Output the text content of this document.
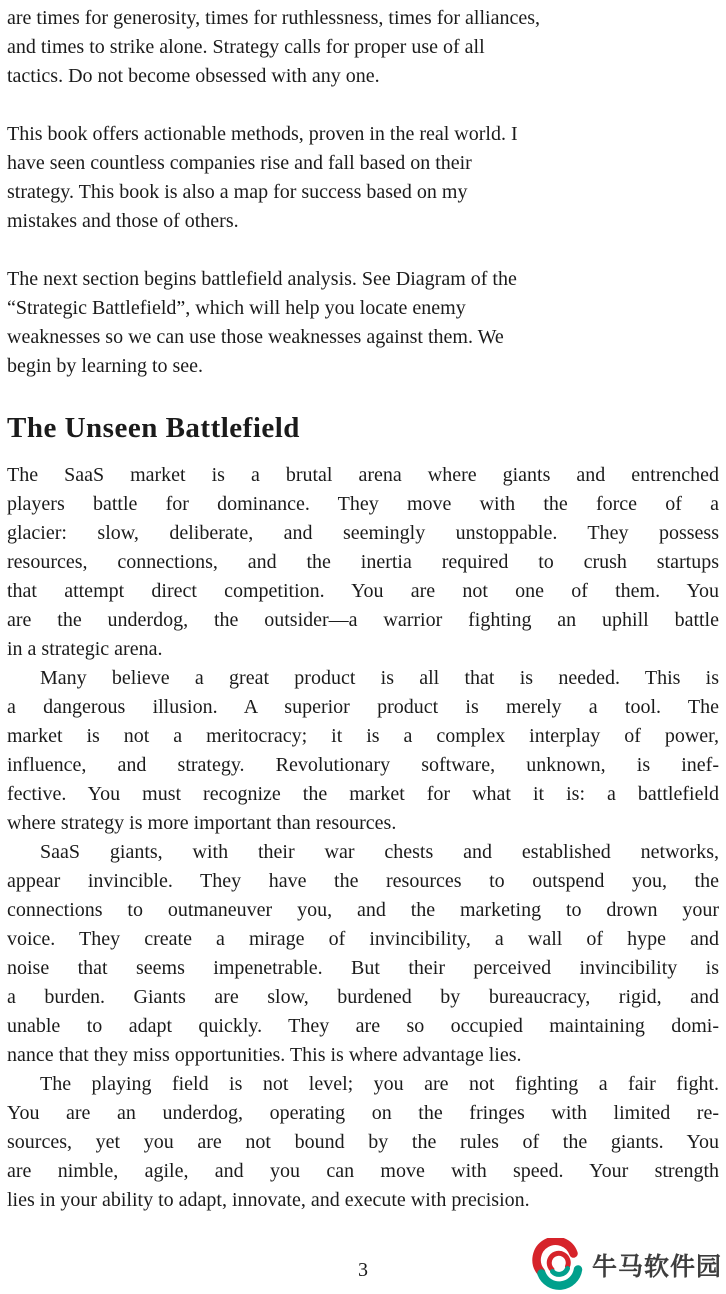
are times for generosity, times for ruthlessness, times for alliances,
and times to strike alone. Strategy calls for proper use of all
tactics. Do not become obsessed with any one.
This book offers actionable methods, proven in the real world. I
have seen countless companies rise and fall based on their
strategy. This book is also a map for success based on my
mistakes and those of others.
The next section begins battlefield analysis. See Diagram of the
“Strategic Battlefield”, which will help you locate enemy
weaknesses so we can use those weaknesses against them. We
begin by learning to see.
The Unseen Battlefield
The SaaS market is a brutal arena where giants and entrenched
players battle for dominance. They move with the force of a
glacier: slow, deliberate, and seemingly unstoppable. They possess
resources, connections, and the inertia required to crush startups
that attempt direct competition. You are not one of them. You
are the underdog, the outsider—a warrior fighting an uphill battle
in a strategic arena.
Many believe a great product is all that is needed. This is
a dangerous illusion. A superior product is merely a tool. The
market is not a meritocracy; it is a complex interplay of power,
influence, and strategy. Revolutionary software, unknown, is inef-
fective. You must recognize the market for what it is: a battlefield
where strategy is more important than resources.
SaaS giants, with their war chests and established networks,
appear invincible. They have the resources to outspend you, the
connections to outmaneuver you, and the marketing to drown your
voice. They create a mirage of invincibility, a wall of hype and
noise that seems impenetrable. But their perceived invincibility is
a burden. Giants are slow, burdened by bureaucracy, rigid, and
unable to adapt quickly. They are so occupied maintaining domi-
nance that they miss opportunities. This is where advantage lies.
The playing field is not level; you are not fighting a fair fight.
You are an underdog, operating on the fringes with limited re-
sources, yet you are not bound by the rules of the giants. You
are nimble, agile, and you can move with speed. Your strength
lies in your ability to adapt, innovate, and execute with precision.
3	牛马软件园
